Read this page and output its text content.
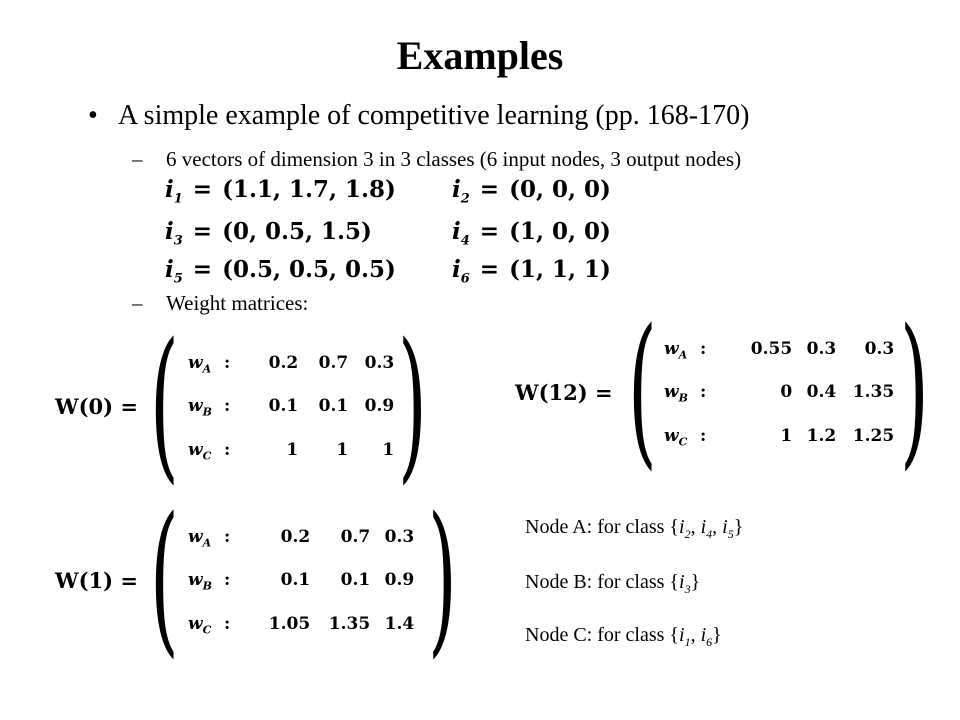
Examples
• A simple example of competitive learning (pp. 168-170)
– 6 vectors of dimension 3 in 3 classes (6 input nodes, 3 output nodes)
$i_1 = (1.1$, 1.7, 1.8) $i_2 = (0$, 0, 0)
$i_3 = (0$, 0.5, 1.5)	$i_4 = (1$, 0, 0)
$i_5 = (0.5$, 0.5, 0.5) $i_6 = (1$, 1, 1)
– Weight matrices:
W(0) = ( )
$w_A$ : 0.2 0.7 0.3
$w_B$ : 0.1 0.1 0.9
$w_C$ :	1 1 1
W(12) = ( )
$w_A$ :	0.55 0.3 0.3
$w_B$ :	0 0.4 1.35
$w_C$ :	1 1.2 1.25
W(1) = ( )
$w_A$ :	0.2 0.7 0.3
$w_B$ :	0.1 0.1 0.9
$w_C$ : 1.05 1.35 1.4
Node A: for class {$i_2$, $i_4$, $i_5$}
Node B: for class $\{i_3\}$
Node C: for class {$i_1$, $i_6$}
